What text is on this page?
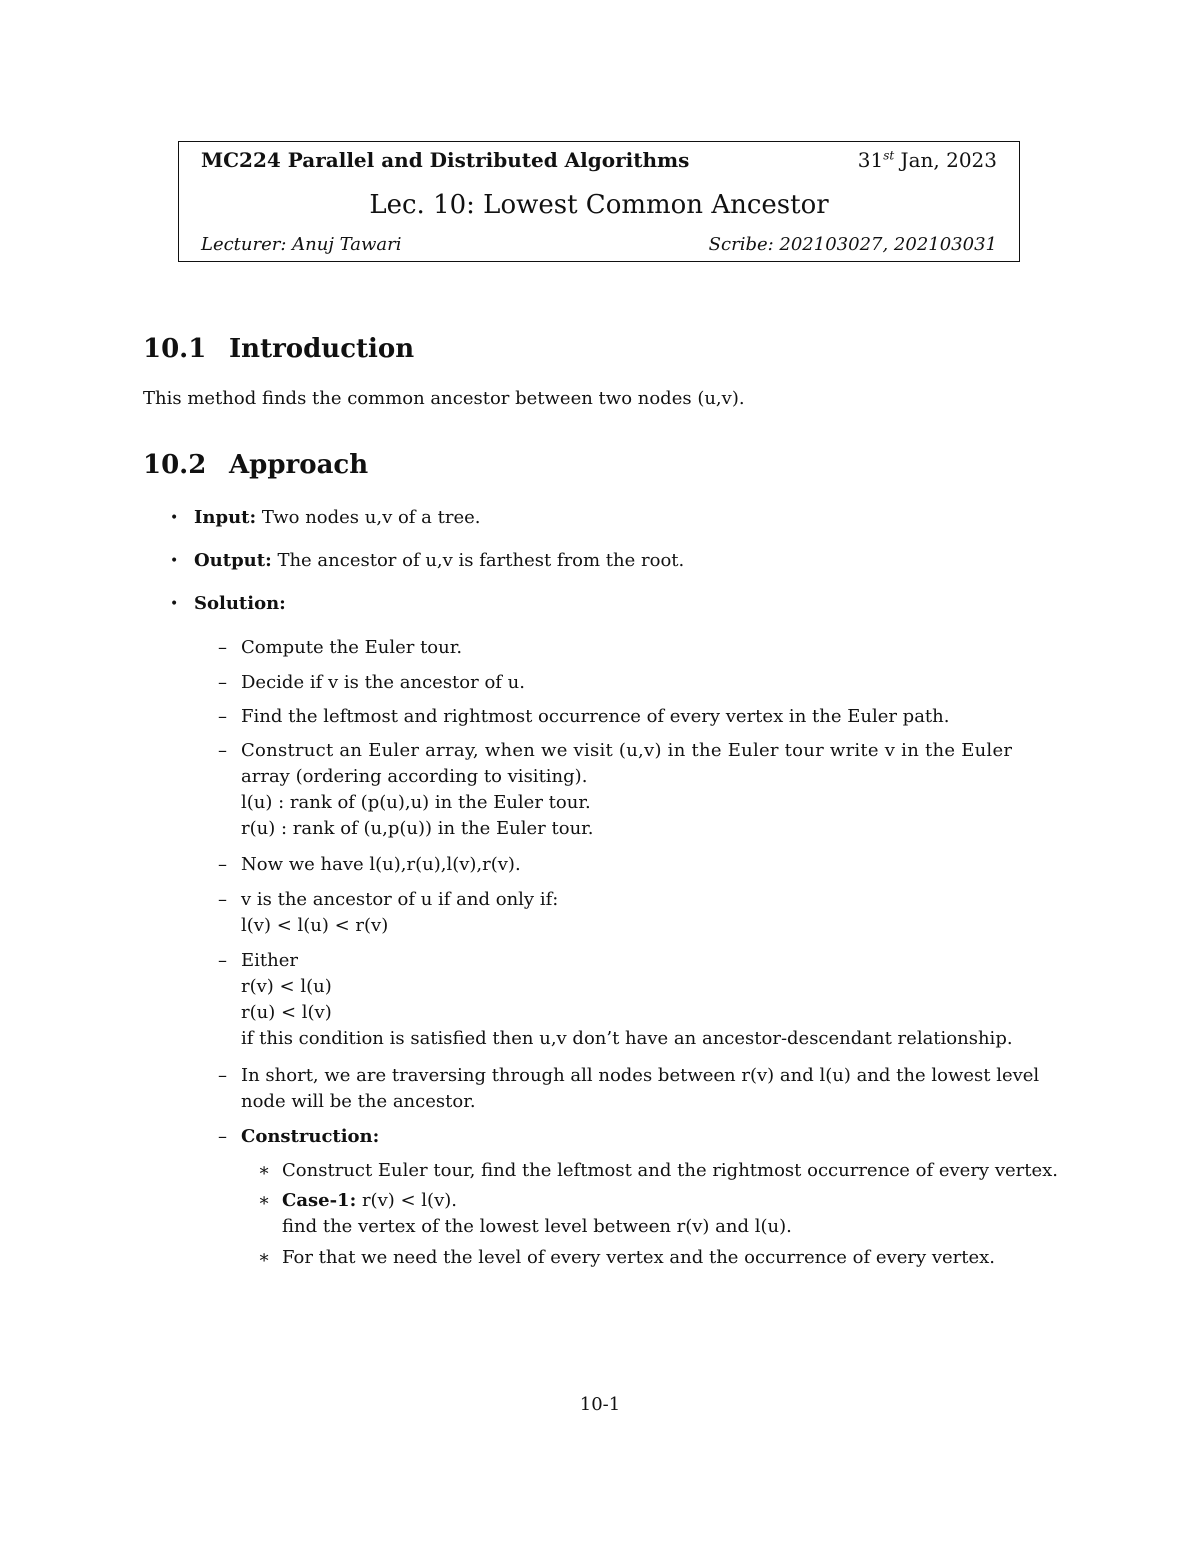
MC224 Parallel and Distributed Algorithms	31st Jan, 2023
Lec. 10: Lowest Common Ancestor
Lecturer: Anuj Tawari	Scribe: 202103027, 202103031
10.1 Introduction
This method finds the common ancestor between two nodes (u,v).
10.2 Approach
• Input: Two nodes u,v of a tree.
• Output: The ancestor of u,v is farthest from the root.
• Solution:
– Compute the Euler tour.
– Decide if v is the ancestor of u.
– Find the leftmost and rightmost occurrence of every vertex in the Euler path.
– Construct an Euler array, when we visit (u,v) in the Euler tour write v in the Euler
array (ordering according to visiting).
l(u) : rank of (p(u),u) in the Euler tour.
r(u) : rank of (u,p(u)) in the Euler tour.
– Now we have l(u),r(u),l(v),r(v).
– v is the ancestor of u if and only if:
l(v) < l(u) < r(v)
– Either
r(v) < l(u)
r(u) < l(v)
if this condition is satisfied then u,v don’t have an ancestor-descendant relationship.
– In short, we are traversing through all nodes between r(v) and l(u) and the lowest level
node will be the ancestor.
– Construction:
∗ Construct Euler tour, find the leftmost and the rightmost occurrence of every vertex.
∗ Case-1: r(v) < l(v).
find the vertex of the lowest level between r(v) and l(u).
∗ For that we need the level of every vertex and the occurrence of every vertex.
10-1
